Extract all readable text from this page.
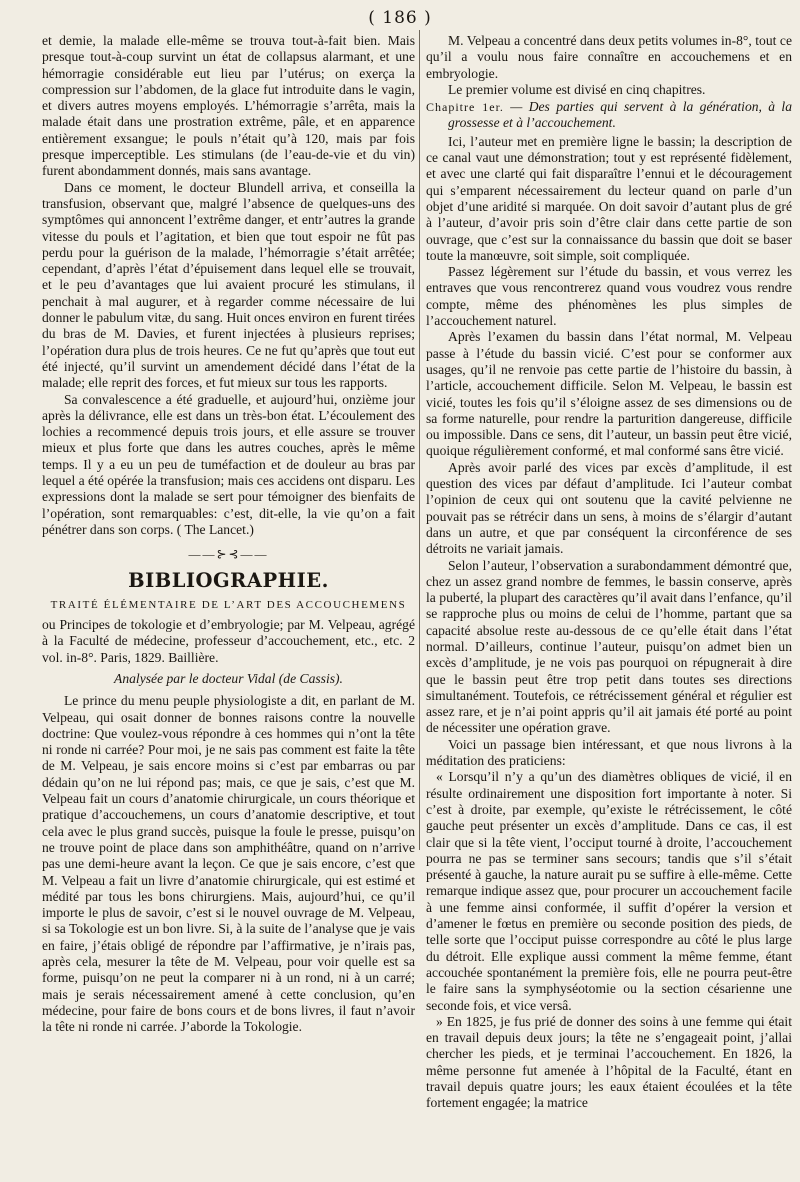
( 186 )

et demie, la malade elle-même se trouva tout-à-fait bien. Mais presque tout-à-coup survint un état de collapsus alarmant, et une hémorragie considérable eut lieu par l’utérus; on exerça la compression sur l’abdomen, de la glace fut introduite dans le vagin, et divers autres moyens employés. L’hémorragie s’arrêta, mais la malade était dans une prostration extrême, pâle, et en apparence entièrement exsangue; le pouls n’était qu’à 120, mais par fois presque imperceptible. Les stimulans (de l’eau-de-vie et du vin) furent abondamment donnés, mais sans avantage.

Dans ce moment, le docteur Blundell arriva, et conseilla la transfusion, observant que, malgré l’absence de quelques-uns des symptômes qui annoncent l’extrême danger, et entr’autres la grande vitesse du pouls et l’agitation, et bien que tout espoir ne fût pas perdu pour la guérison de la malade, l’hémorragie s’était arrêtée; cependant, d’après l’état d’épuisement dans lequel elle se trouvait, et le peu d’avantages que lui avaient procuré les stimulans, il penchait à mal augurer, et à regarder comme nécessaire de lui donner le pabulum vitæ, du sang. Huit onces environ en furent tirées du bras de M. Davies, et furent injectées à plusieurs reprises; l’opération dura plus de trois heures. Ce ne fut qu’après que tout eut été injecté, qu’il survint un amendement décidé dans l’état de la malade; elle reprit des forces, et fut mieux sur tous les rapports.

Sa convalescence a été graduelle, et aujourd’hui, onzième jour après la délivrance, elle est dans un très-bon état. L’écoulement des lochies a recommencé depuis trois jours, et elle assure se trouver mieux et plus forte que dans les autres couches, après le même temps. Il y a eu un peu de tuméfaction et de douleur au bras par lequel a été opérée la transfusion; mais ces accidens ont disparu. Les expressions dont la malade se sert pour témoigner des bienfaits de l’opération, sont remarquables: c’est, dit-elle, la vie qu’on a fait pénétrer dans son corps. ( The Lancet.)

——⊱⊰——
BIBLIOGRAPHIE.
TRAITÉ ÉLÉMENTAIRE DE L’ART DES ACCOUCHEMENS

ou Principes de tokologie et d’embryologie; par M. Velpeau, agrégé à la Faculté de médecine, professeur d’accouchement, etc., etc. 2 vol. in-8°. Paris, 1829. Baillière.

Analysée par le docteur Vidal (de Cassis).

Le prince du menu peuple physiologiste a dit, en parlant de M. Velpeau, qui osait donner de bonnes raisons contre la nouvelle doctrine: Que voulez-vous répondre à ces hommes qui n’ont la tête ni ronde ni carrée? Pour moi, je ne sais pas comment est faite la tête de M. Velpeau, je sais encore moins si c’est par embarras ou par dédain qu’on ne lui répond pas; mais, ce que je sais, c’est que M. Velpeau fait un cours d’anatomie chirurgicale, un cours théorique et pratique d’accouchemens, un cours d’anatomie descriptive, et tout cela avec le plus grand succès, puisque la foule le presse, puisqu’on ne trouve point de place dans son amphithéâtre, quand on n’arrive pas une demi-heure avant la leçon. Ce que je sais encore, c’est que M. Velpeau a fait un livre d’anatomie chirurgicale, qui est estimé et médité par tous les bons chirurgiens. Mais, aujourd’hui, ce qu’il importe le plus de savoir, c’est si le nouvel ouvrage de M. Velpeau, si sa Tokologie est un bon livre. Si, à la suite de l’analyse que je vais en faire, j’étais obligé de répondre par l’affirmative, je n’irais pas, après cela, mesurer la tête de M. Velpeau, pour voir quelle est sa forme, puisqu’on ne peut la comparer ni à un rond, ni à un carré; mais je serais nécessairement amené à cette conclusion, qu’en médecine, pour faire de bons cours et de bons livres, il faut n’avoir la tête ni ronde ni carrée. J’aborde la Tokologie.

M. Velpeau a concentré dans deux petits volumes in-8°, tout ce qu’il a voulu nous faire connaître en accouchemens et en embryologie.

Le premier volume est divisé en cinq chapitres.

Chapitre 1er. — Des parties qui servent à la génération, à la grossesse et à l’accouchement.

Ici, l’auteur met en première ligne le bassin; la description de ce canal vaut une démonstration; tout y est représenté fidèlement, et avec une clarté qui fait disparaître l’ennui et le découragement qui s’emparent nécessairement du lecteur quand on parle d’un objet d’une aridité si marquée. On doit savoir d’autant plus de gré à l’auteur, d’avoir pris soin d’être clair dans cette partie de son ouvrage, que c’est sur la connaissance du bassin que doit se baser toute la manœuvre, soit simple, soit compliquée.

Passez légèrement sur l’étude du bassin, et vous verrez les entraves que vous rencontrerez quand vous voudrez vous rendre compte, même des phénomènes les plus simples de l’accouchement naturel.

Après l’examen du bassin dans l’état normal, M. Velpeau passe à l’étude du bassin vicié. C’est pour se conformer aux usages, qu’il ne renvoie pas cette partie de l’histoire du bassin, à l’article, accouchement difficile. Selon M. Velpeau, le bassin est vicié, toutes les fois qu’il s’éloigne assez de ses dimensions ou de sa forme naturelle, pour rendre la parturition dangereuse, difficile ou impossible. Dans ce sens, dit l’auteur, un bassin peut être vicié, quoique régulièrement conformé, et mal conformé sans être vicié.

Après avoir parlé des vices par excès d’amplitude, il est question des vices par défaut d’amplitude. Ici l’auteur combat l’opinion de ceux qui ont soutenu que la cavité pelvienne ne pouvait pas se rétrécir dans un sens, à moins de s’élargir d’autant dans un autre, et que par conséquent la circonférence de ses détroits ne variait jamais.

Selon l’auteur, l’observation a surabondamment démontré que, chez un assez grand nombre de femmes, le bassin conserve, après la puberté, la plupart des caractères qu’il avait dans l’enfance, qu’il se rapproche plus ou moins de celui de l’homme, partant que sa capacité absolue reste au-dessous de ce qu’elle était dans l’état normal. D’ailleurs, continue l’auteur, puisqu’on admet bien un excès d’amplitude, je ne vois pas pourquoi on répugnerait à dire que le bassin peut être trop petit dans toutes ses directions simultanément. Toutefois, ce rétrécissement général et régulier est assez rare, et je n’ai point appris qu’il ait jamais été porté au point de nécessiter une opération grave.

Voici un passage bien intéressant, et que nous livrons à la méditation des praticiens:

« Lorsqu’il n’y a qu’un des diamètres obliques de vicié, il en résulte ordinairement une disposition fort importante à noter. Si c’est à droite, par exemple, qu’existe le rétrécissement, le côté gauche peut présenter un excès d’amplitude. Dans ce cas, il est clair que si la tête vient, l’occiput tourné à droite, l’accouchement pourra ne pas se terminer sans secours; tandis que s’il s’était présenté à gauche, la nature aurait pu se suffire à elle-même. Cette remarque indique assez que, pour procurer un accouchement facile à une femme ainsi conformée, il suffit d’opérer la version et d’amener le fœtus en première ou seconde position des pieds, de telle sorte que l’occiput puisse correspondre au côté le plus large du détroit. Elle explique aussi comment la même femme, étant accouchée spontanément la première fois, elle ne pourra peut-être le faire sans la symphyséotomie ou la section césarienne une seconde fois, et vice versâ.

» En 1825, je fus prié de donner des soins à une femme qui était en travail depuis deux jours; la tête ne s’engageait point, j’allai chercher les pieds, et je terminai l’accouchement. En 1826, la même personne fut amenée à l’hôpital de la Faculté, étant en travail depuis quatre jours; les eaux étaient écoulées et la tête fortement engagée; la matrice
